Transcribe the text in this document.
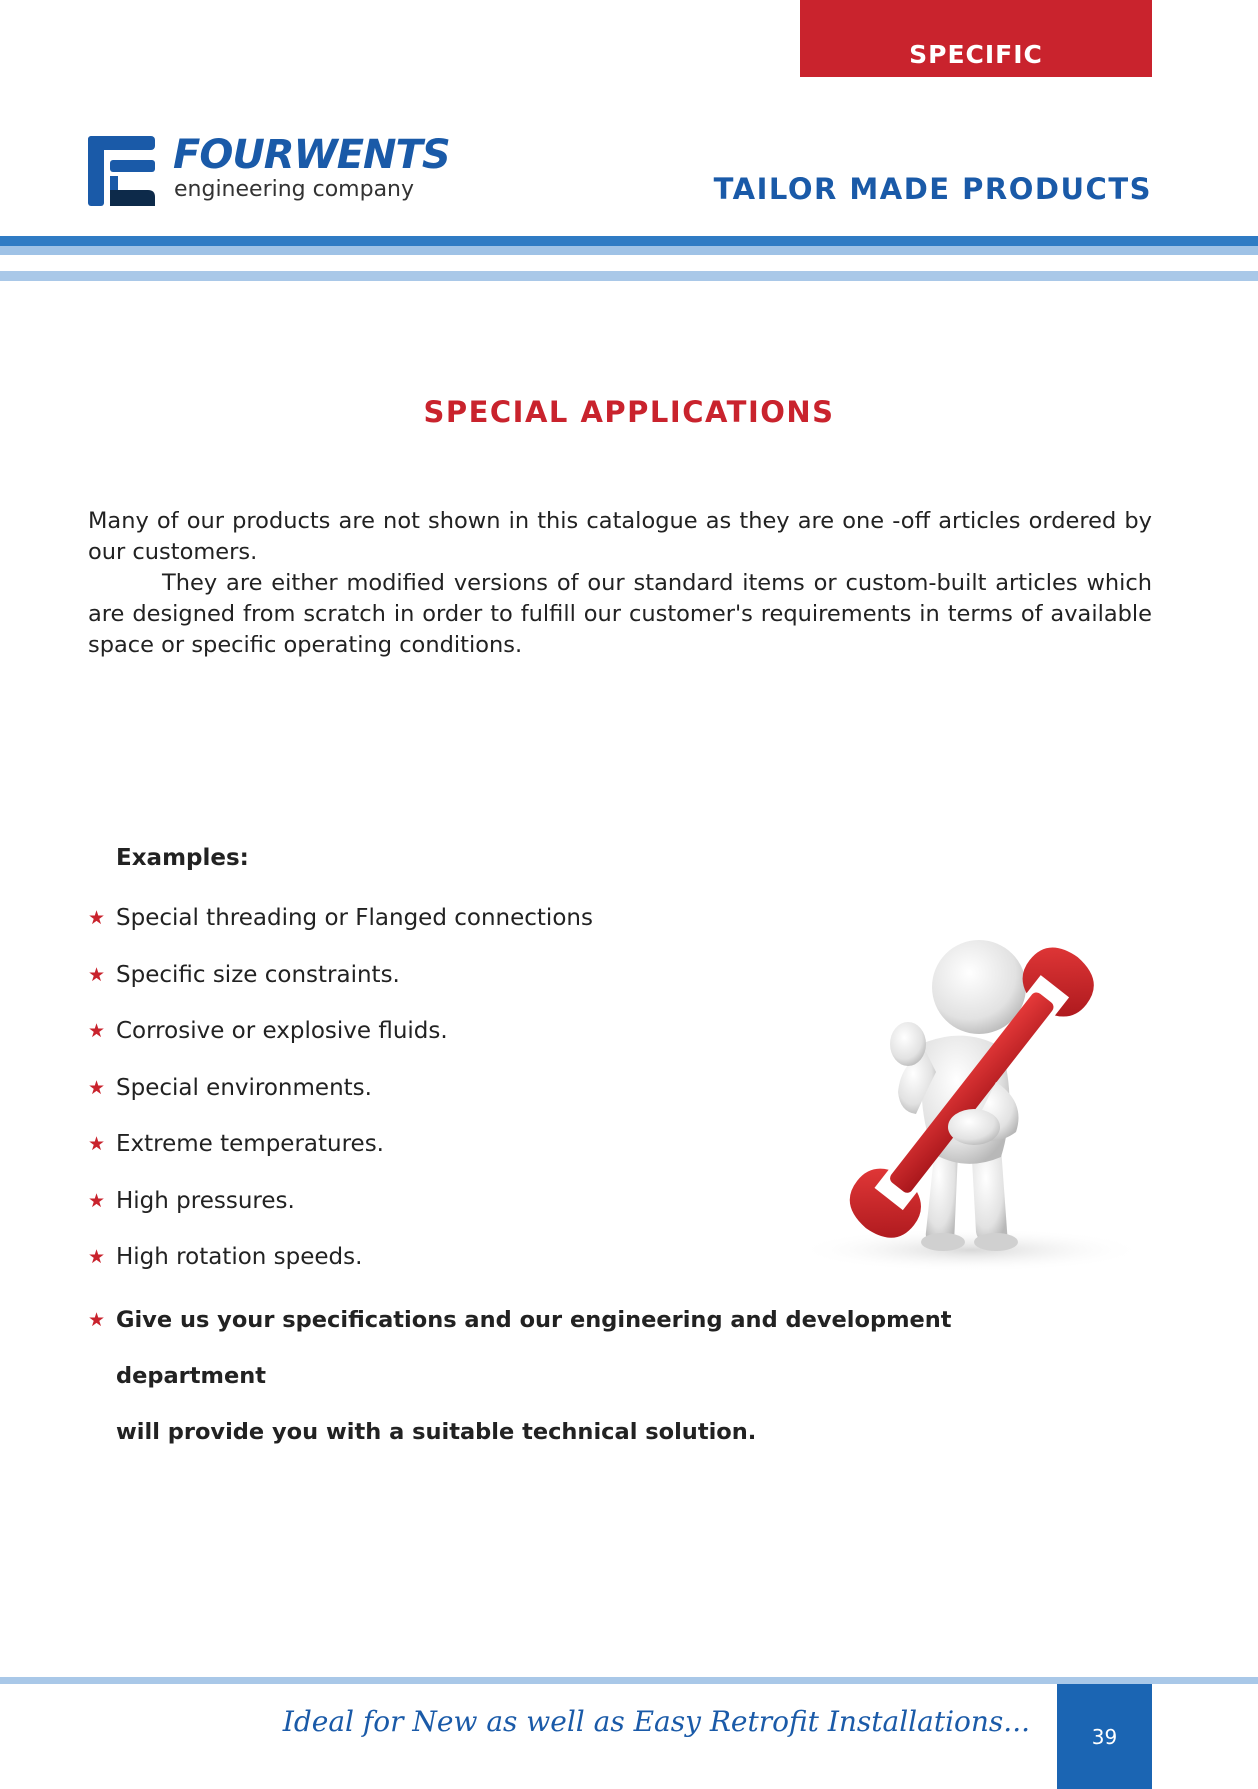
SPECIFIC
FOURWENTS
engineering company	TAILOR MADE PRODUCTS
SPECIAL APPLICATIONS

Many of our products are not shown in this catalogue as they are one -off articles ordered by our customers.

They are either modified versions of our standard items or custom-built articles which are designed from scratch in order to fulfill our customer's requirements in terms of available space or specific operating conditions.

Examples:
★ Special threading or Flanged connections
★ Specific size constraints.
★ Corrosive or explosive fluids.
★ Special environments.
★ Extreme temperatures.
★ High pressures.
★ High rotation speeds.
★ Give us your specifications and our engineering and development department
will provide you with a suitable technical solution.
Ideal for New as well as Easy Retrofit Installations...	39
